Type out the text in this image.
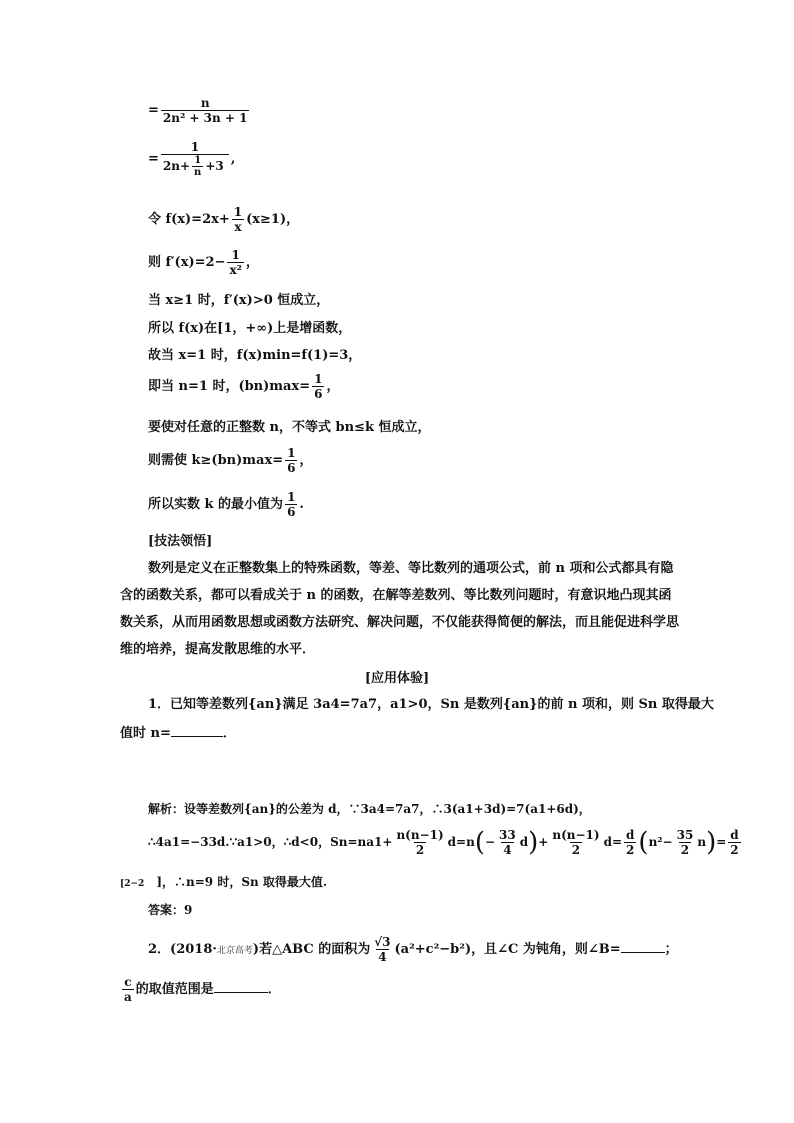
= $\frac{n}{\text{2n² + 3n + 1}}$
= $\frac{1}{2n+ \frac{1}{n} +3}$ ,
令 $f(x)=2x+ \frac{1}{x} (x\ge 1)$，
则 $f'(x)=2- \frac{1}{\text{x²}}$ ，
当 x≥1 时，f′(x)>0 恒成立，
所以 f(x)在[1，+∞)上是增函数，
故当 x=1 时，f(x)min=f(1)=3，
即当 n=1 时，$(bn)\max= \frac{1}{6}$ ，
要使对任意的正整数 n，不等式 bn≤k 恒成立，
则需使 $k\ge(bn)\max= \frac{1}{6}$ ，
所以实数 k 的最小值为 $\frac{1}{6}$ .
[技法领悟]
数列是定义在正整数集上的特殊函数，等差、等比数列的通项公式，前 n 项和公式都具有隐含的函数关系，都可以看成关于 n 的函数，在解等差数列、等比数列问题时，有意识地凸现其函数关系，从而用函数思想或函数方法研究、解决问题，不仅能获得简便的解法，而且能促进科学思维的培养，提高发散思维的水平．
[应用体验]
1．已知等差数列{an}满足 3a4=7a7，a1>0，Sn 是数列{an}的前 n 项和，则 Sn 取得最大
值时 n=	．
解析：设等差数列{an}的公差为 d，∵3a4=7a7，∴3(a1+3d)=7(a1+6d)，
∴4a1=−33d.∵a1>0，∴d<0，$Sn=na1+ \frac{n(n-1)}{2} d=n(- \frac{33}{4} d)+ \frac{n(n-1)}{2} d= \frac{d}{2} (n^2- \frac{35}{2} n)= \frac{d}{2}$
[2−2 ]，∴n=9 时，Sn 取得最大值.
答案：9
2．(2018·北京高考)若△ABC 的面积为 $\frac{√3}{4} (a^2+c^2-b^2)$，且∠C 为钝角，则∠B=	；
$\frac{c}{a}$ 的取值范围是	．
